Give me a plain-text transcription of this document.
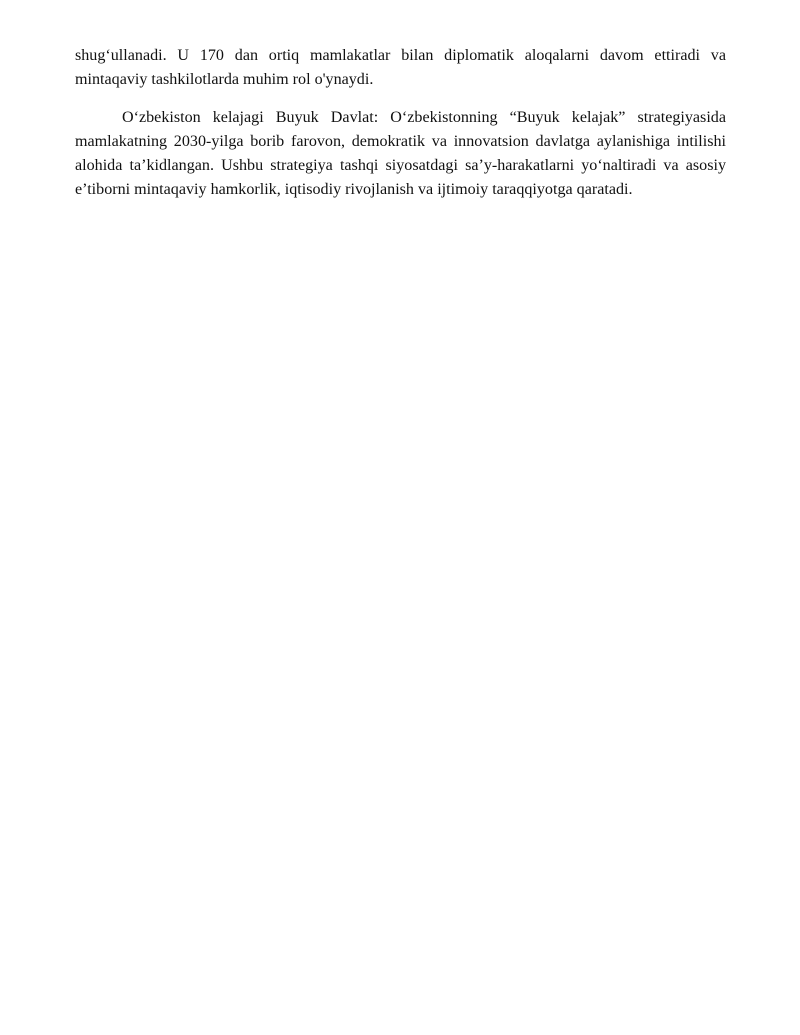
shug‘ullanadi. U 170 dan ortiq mamlakatlar bilan diplomatik aloqalarni davom ettiradi va mintaqaviy tashkilotlarda muhim rol o'ynaydi.

O‘zbekiston kelajagi Buyuk Davlat: O‘zbekistonning “Buyuk kelajak” strategiyasida mamlakatning 2030-yilga borib farovon, demokratik va innovatsion davlatga aylanishiga intilishi alohida ta’kidlangan. Ushbu strategiya tashqi siyosatdagi sa’y-harakatlarni yo‘naltiradi va asosiy e’tiborni mintaqaviy hamkorlik, iqtisodiy rivojlanish va ijtimoiy taraqqiyotga qaratadi.
